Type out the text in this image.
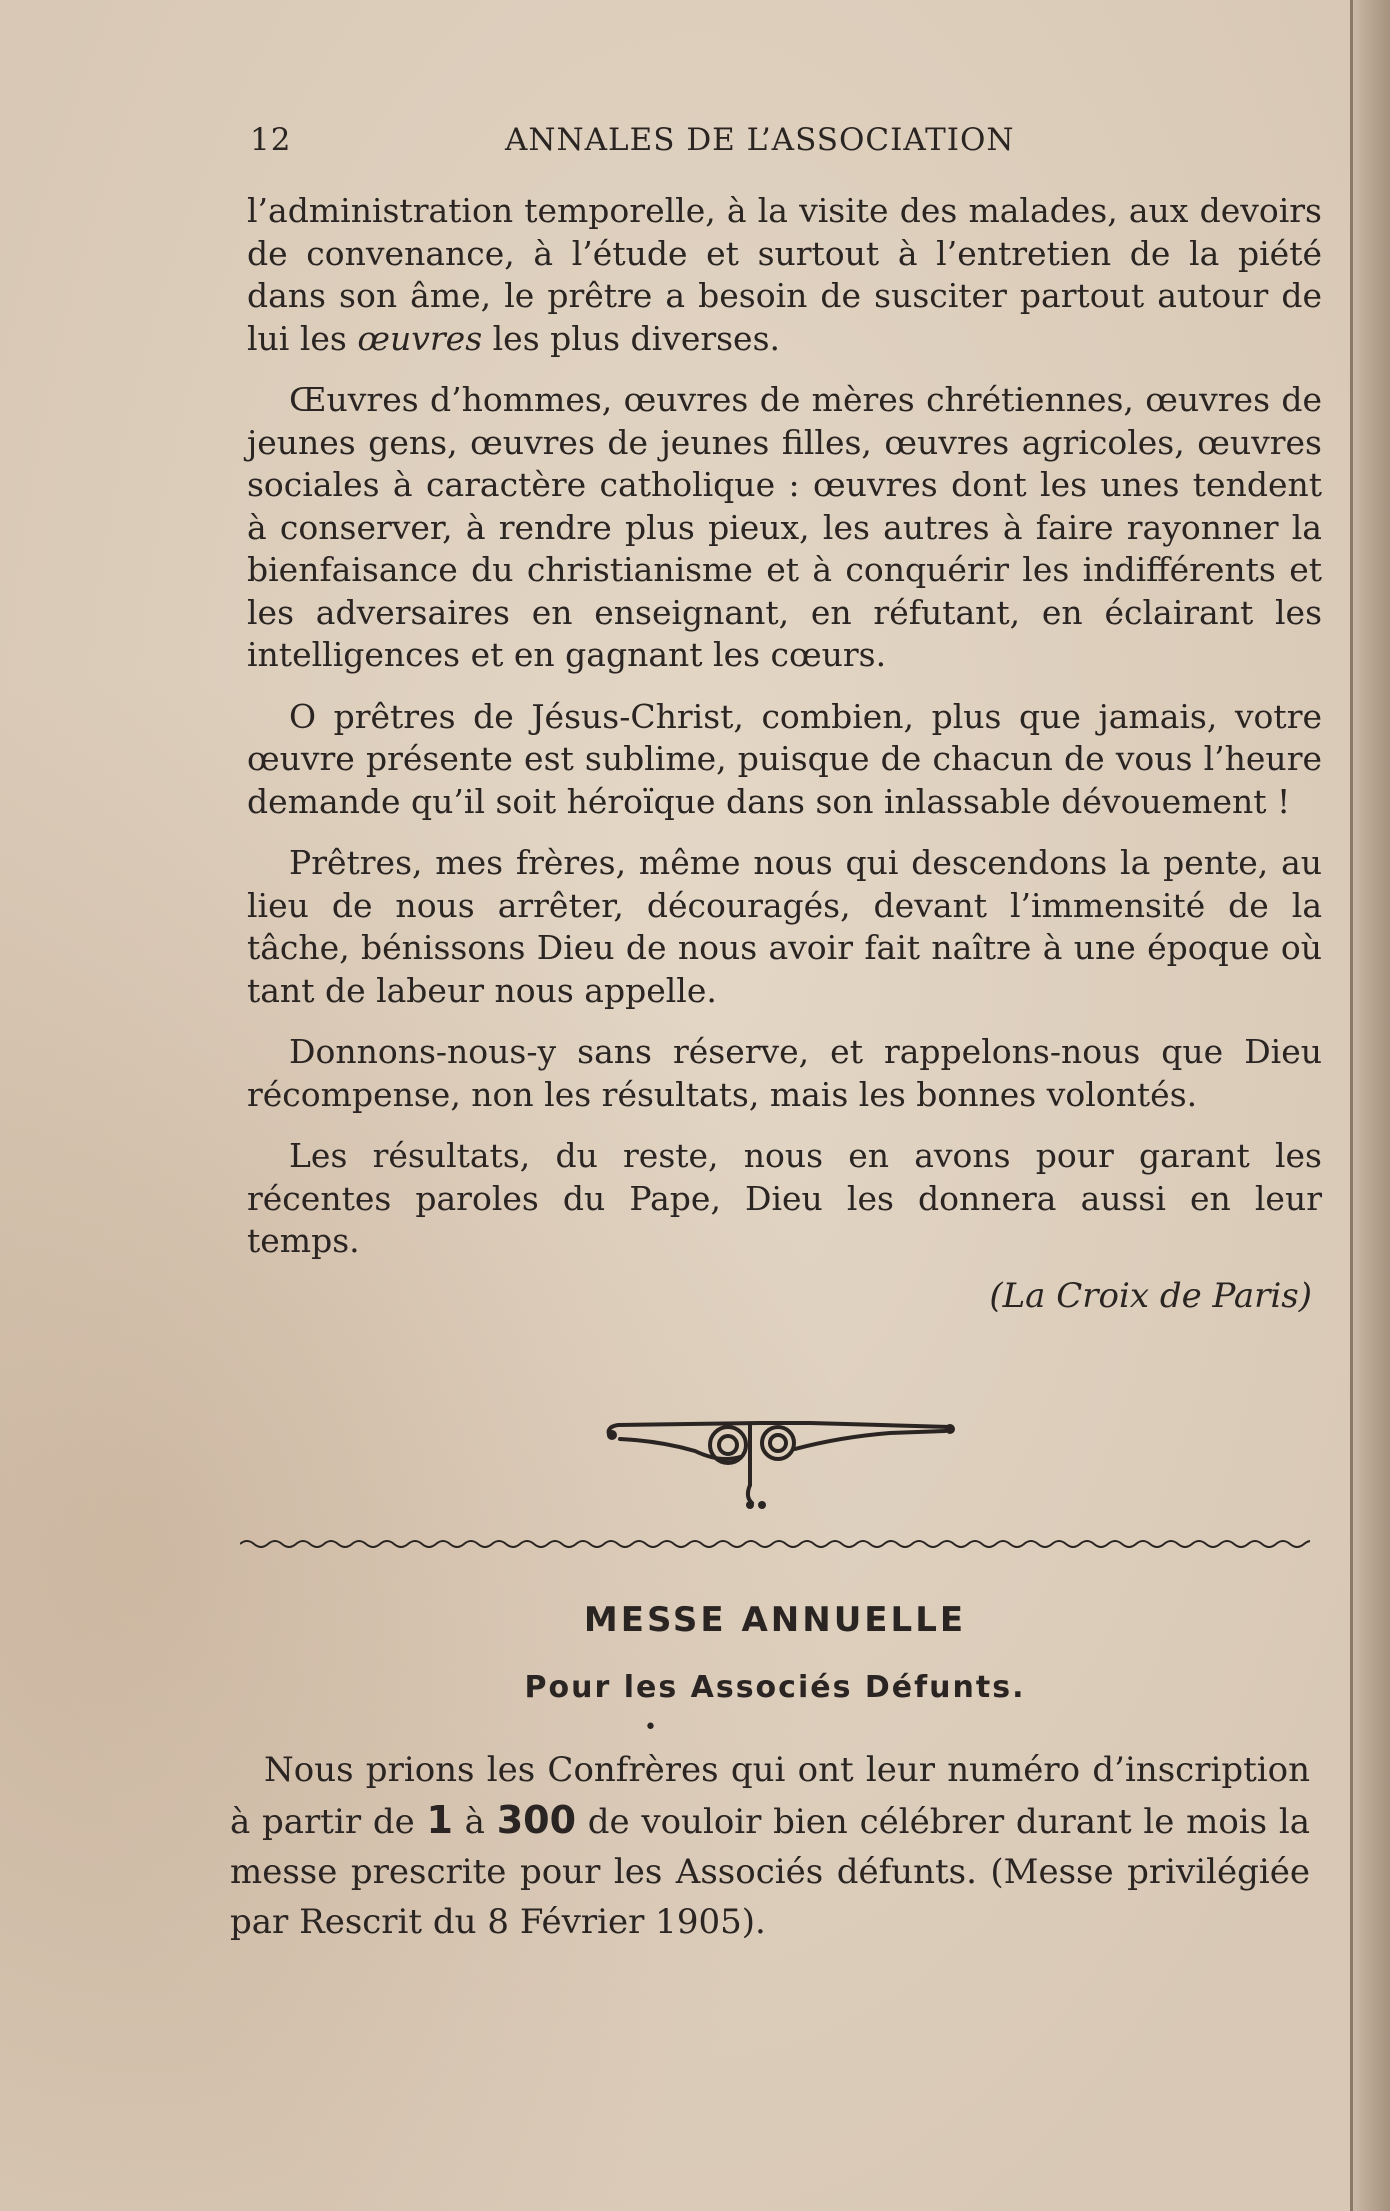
12	ANNALES DE L’ASSOCIATION

l’administration temporelle, à la visite des malades, aux devoirs de convenance, à l’étude et surtout à l’entretien de la piété dans son âme, le prêtre a besoin de susciter partout autour de lui les œuvres les plus diverses.

Œuvres d’hommes, œuvres de mères chrétiennes, œuvres de jeunes gens, œuvres de jeunes filles, œuvres agricoles, œuvres sociales à caractère catholique : œuvres dont les unes tendent à conserver, à rendre plus pieux, les autres à faire rayonner la bienfaisance du christianisme et à conquérir les indifférents et les adversaires en enseignant, en réfutant, en éclairant les intelligences et en gagnant les cœurs.

O prêtres de Jésus-Christ, combien, plus que jamais, votre œuvre présente est sublime, puisque de chacun de vous l’heure demande qu’il soit héroïque dans son inlassable dévouement !

Prêtres, mes frères, même nous qui descendons la pente, au lieu de nous arrêter, découragés, devant l’immensité de la tâche, bénissons Dieu de nous avoir fait naître à une époque où tant de labeur nous appelle.

Donnons-nous-y sans réserve, et rappelons-nous que Dieu récompense, non les résultats, mais les bonnes volontés.

Les résultats, du reste, nous en avons pour garant les récentes paroles du Pape, Dieu les donnera aussi en leur temps.

(La Croix de Paris)
MESSE ANNUELLE
Pour les Associés Défunts.
•
 Nous prions les Confrères qui ont leur numéro d’inscription à partir de 1 à 300 de vouloir bien célébrer durant le mois la messe prescrite pour les Associés défunts. (Messe privilégiée par Rescrit du 8 Février 1905).
